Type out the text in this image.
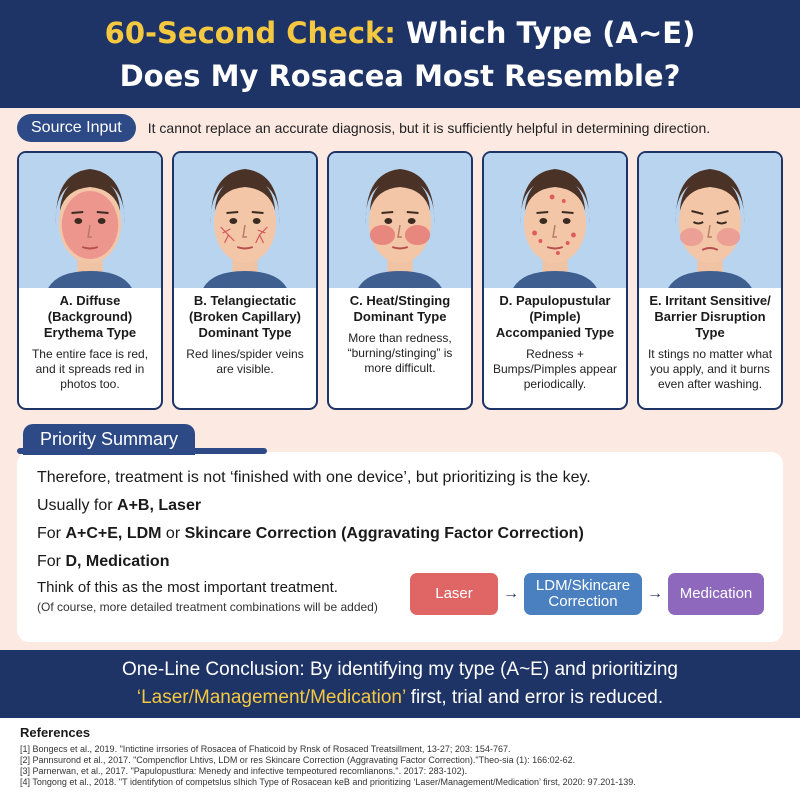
60-Second Check: Which Type (A~E)
Does My Rosacea Most Resemble?
Source Input	It cannot replace an accurate diagnosis, but it is sufficiently helpful in determining direction.
A. Diffuse (Background) Erythema Type
The entire face is red, and it spreads red in photos too.
B. Telangiectatic (Broken Capillary) Dominant Type
Red lines/spider veins are visible.
C. Heat/Stinging Dominant Type
More than redness, “burning/stinging” is more difficult.
D. Papulopustular (Pimple) Accompanied Type
Redness + Bumps/Pimples appear periodically.
E. Irritant Sensitive/ Barrier Disruption Type
It stings no matter what you apply, and it burns even after washing.
Priority Summary
Therefore, treatment is not ‘finished with one device’, but prioritizing is the key.
Usually for A+B, Laser
For A+C+E, LDM or Skincare Correction (Aggravating Factor Correction)
For D, Medication
Think of this as the most important treatment.
(Of course, more detailed treatment combinations will be added)
Laser	→	LDM/Skincare Correction	→	Medication
One-Line Conclusion: By identifying my type (A~E) and prioritizing
‘Laser/Management/Medication’ first, trial and error is reduced.
References
[1] Bongecs et al., 2019. "Intictine irrsories of Rosacea of Fhaticoid by Rnsk of Rosaced Treatsillment, 13-27; 203: 154-767.
[2] Pannsurond et al., 2017. "Compencflor Lhtivs, LDM or res Skincare Correction (Aggravating Factor Correction)."Theo-sia (1): 166:02-62.
[3] Parnerwan, et al., 2017. "Papulopustlura: Menedy and infective tempeotured recomlianons.". 2017: 283-102).
[4] Tongong et al., 2018. "T identifytion of competslus sIhich Type of Rosacean keB and prioritizing ‘Laser/Management/Medication’ first, 2020: 97.201-139.
